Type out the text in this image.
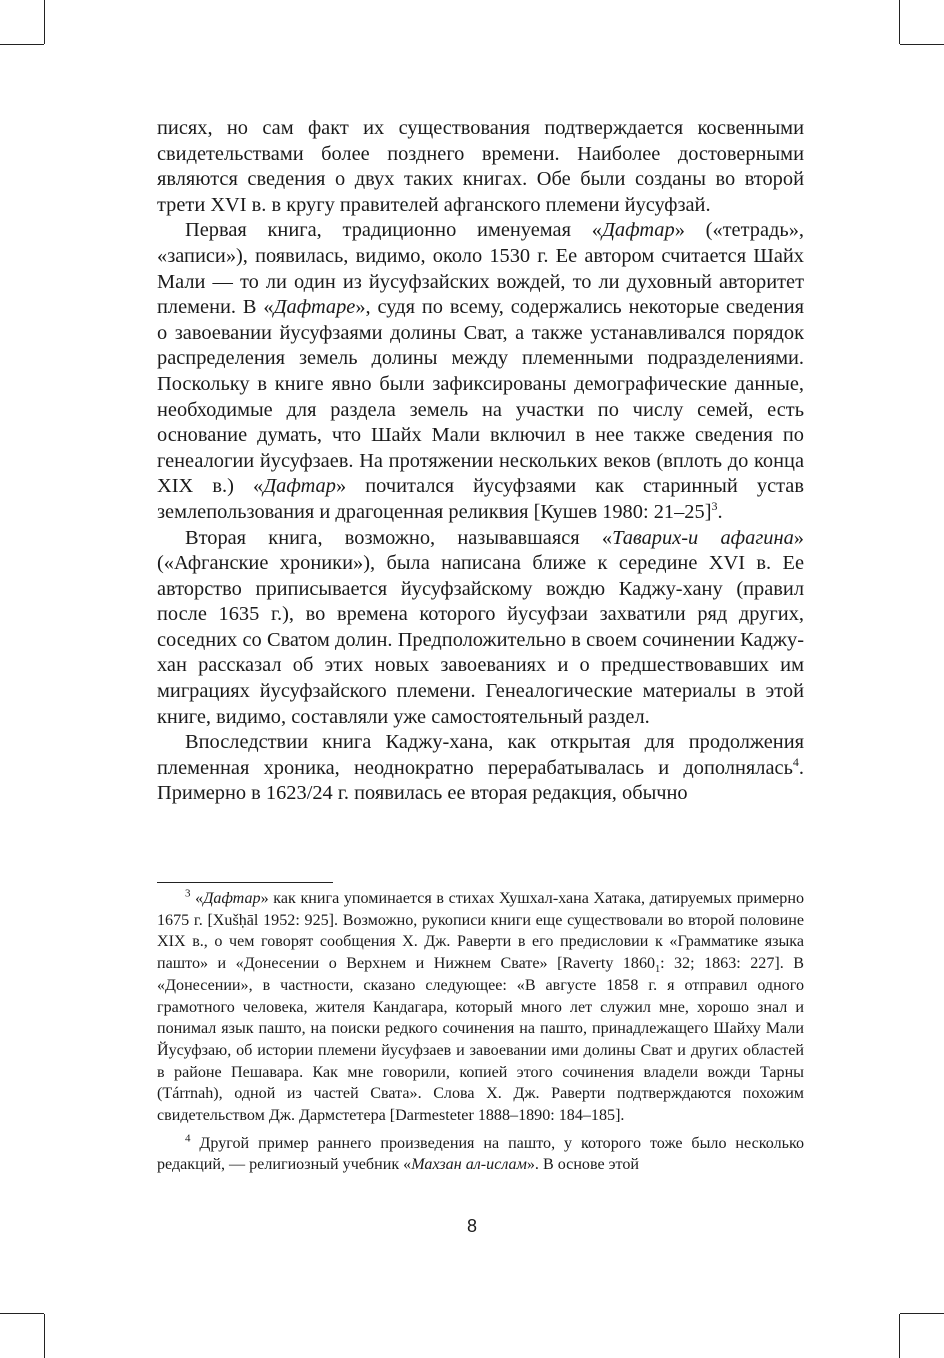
писях, но сам факт их существования подтверждается косвенными свидетельствами более позднего времени. Наиболее достоверными являются сведения о двух таких книгах. Обе были созданы во второй трети XVI в. в кругу правителей афганского племени йусуфзай.

Первая книга, традиционно именуемая «Дафтар» («тетрадь», «записи»), появилась, видимо, около 1530 г. Ее автором считается Шайх Мали — то ли один из йусуфзайских вождей, то ли духовный авторитет племени. В «Дафтаре», судя по всему, содержались некоторые сведения о завоевании йусуфзаями долины Сват, а также устанавливался порядок распределения земель долины между племенными подразделениями. Поскольку в книге явно были зафиксированы демографические данные, необходимые для раздела земель на участки по числу семей, есть основание думать, что Шайх Мали включил в нее также сведения по генеалогии йусуфзаев. На протяжении нескольких веков (вплоть до конца XIX в.) «Дафтар» почитался йусуфзаями как старинный устав землепользования и драгоценная реликвия [Кушев 1980: 21–25]$^3$.

Вторая книга, возможно, называвшаяся «Таварих-и афагина» («Афганские хроники»), была написана ближе к середине XVI в. Ее авторство приписывается йусуфзайскому вождю Каджу-хану (правил после 1635 г.), во времена которого йусуфзаи захватили ряд других, соседних со Сватом долин. Предположительно в своем сочинении Каджу-хан рассказал об этих новых завоеваниях и о предшествовавших им миграциях йусуфзайского племени. Генеалогические материалы в этой книге, видимо, составляли уже самостоятельный раздел.

Впоследствии книга Каджу-хана, как открытая для продолжения племенная хроника, неоднократно перерабатывалась и дополнялась$^4$. Примерно в 1623/24 г. появилась ее вторая редакция, обычно

$^3$ «Дафтар» как книга упоминается в стихах Хушхал-хана Хатака, датируемых примерно 1675 г. [Xušḥāl 1952: 925]. Возможно, рукописи книги еще существовали во второй половине XIX в., о чем говорят сообщения Х. Дж. Раверти в его предисловии к «Грамматике языка пашто» и «Донесении о Верхнем и Нижнем Свате» [Raverty $1860_1$: 32; 1863: 227]. В «Донесении», в частности, сказано следующее: «В августе 1858 г. я отправил одного грамотного человека, жителя Кандагара, который много лет служил мне, хорошо знал и понимал язык пашто, на поиски редкого сочинения на пашто, принадлежащего Шайху Мали Йусуфзаю, об истории племени йусуфзаев и завоевании ими долины Сват и других областей в районе Пешавара. Как мне говорили, копией этого сочинения владели вожди Тарны (Tárrnah), одной из частей Свата». Слова Х. Дж. Раверти подтверждаются похожим свидетельством Дж. Дармстетера [Darmesteter 1888–1890: 184–185].

$^4$ Другой пример раннего произведения на пашто, у которого тоже было несколько редакций, — религиозный учебник «Махзан ал-ислам». В основе этой

8
